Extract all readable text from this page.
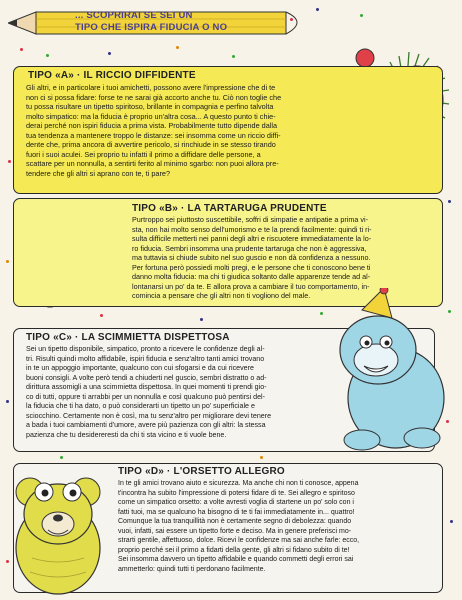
... SCOPRIRAI SE SEI UN
TIPO CHE ISPIRA FIDUCIA O NO
TIPO «A» · IL RICCIO DIFFIDENTE
Gli altri, e in particolare i tuoi amichetti, possono avere l'impressione che di te
non ci si possa fidare: forse te ne sarai già accorto anche tu. Ciò non toglie che
tu possa risultare un tipetto spiritoso, brillante in compagnia e perfino talvolta
molto simpatico: ma la fiducia è proprio un'altra cosa... A questo punto ti chie-
derai perché non ispiri fiducia a prima vista. Probabilmente tutto dipende dalla
tua tendenza a mantenere troppo le distanze: sei insomma come un riccio diffi-
dente che, prima ancora di avvertire pericolo, si rinchiude in se stesso tirando
fuori i suoi aculei. Sei proprio tu infatti il primo a diffidare delle persone, a
scattare per un nonnulla, a sentirti ferito al minimo sgarbo: non puoi allora pre-
tendere che gli altri si aprano con te, ti pare?
TIPO «B» · LA TARTARUGA PRUDENTE
Purtroppo sei piuttosto suscettibile, soffri di simpatie e antipatie a prima vi-
sta, non hai molto senso dell'umorismo e te la prendi facilmente: quindi ti ri-
sulta difficile metterti nei panni degli altri e riscuotere immediatamente la lo-
ro fiducia. Sembri insomma una prudente tartaruga che non è aggressiva,
ma tuttavia si chiude subito nel suo guscio e non dà confidenza a nessuno.
Per fortuna però possiedi molti pregi, e le persone che ti conoscono bene ti
danno molta fiducia: ma chi ti giudica soltanto dalle apparenze tende ad al-
lontanarsi un po' da te. E allora prova a cambiare il tuo comportamento, in-
comincia a pensare che gli altri non ti vogliono del male.
TIPO «C» · LA SCIMMIETTA DISPETTOSA
Sei un tipetto disponibile, simpatico, pronto a ricevere le confidenze degli al-
tri. Risulti quindi molto affidabile, ispiri fiducia e senz'altro tanti amici trovano
in te un appoggio importante, qualcuno con cui sfogarsi e da cui ricevere
buoni consigli. A volte però tendi a chiuderti nel guscio, sembri distratto o ad-
dirittura assomigli a una scimmietta dispettosa. In quei momenti ti prendi gio-
co di tutti, oppure ti arrabbi per un nonnulla e così qualcuno può pentirsi del-
la fiducia che ti ha dato, o può considerarti un tipetto un po' superficiale e
sciocchino. Certamente non è così, ma tu senz'altro per migliorare devi tenere
a bada i tuoi cambiamenti d'umore, avere più pazienza con gli altri: la stessa
pazienza che tu desidereresti da chi ti sta vicino e ti vuole bene.
TIPO «D» · L'ORSETTO ALLEGRO
In te gli amici trovano aiuto e sicurezza. Ma anche chi non ti conosce, appena
t'incontra ha subito l'impressione di potersi fidare di te. Sei allegro e spiritoso
come un simpatico orsetto: a volte avresti voglia di startene un po' solo con i
fatti tuoi, ma se qualcuno ha bisogno di te ti fai immediatamente in... quattro!
Comunque la tua tranquillità non è certamente segno di debolezza: quando
vuoi, infatti, sai essere un tipetto forte e deciso. Ma in genere preferisci mo-
strarti gentile, affettuoso, dolce. Ricevi le confidenze ma sai anche farle: ecco,
proprio perché sei il primo a fidarti della gente, gli altri si fidano subito di te!
Sei insomma davvero un tipetto affidabile e quando commetti degli errori sai
ammetterlo: quindi tutti ti perdonano facilmente.
